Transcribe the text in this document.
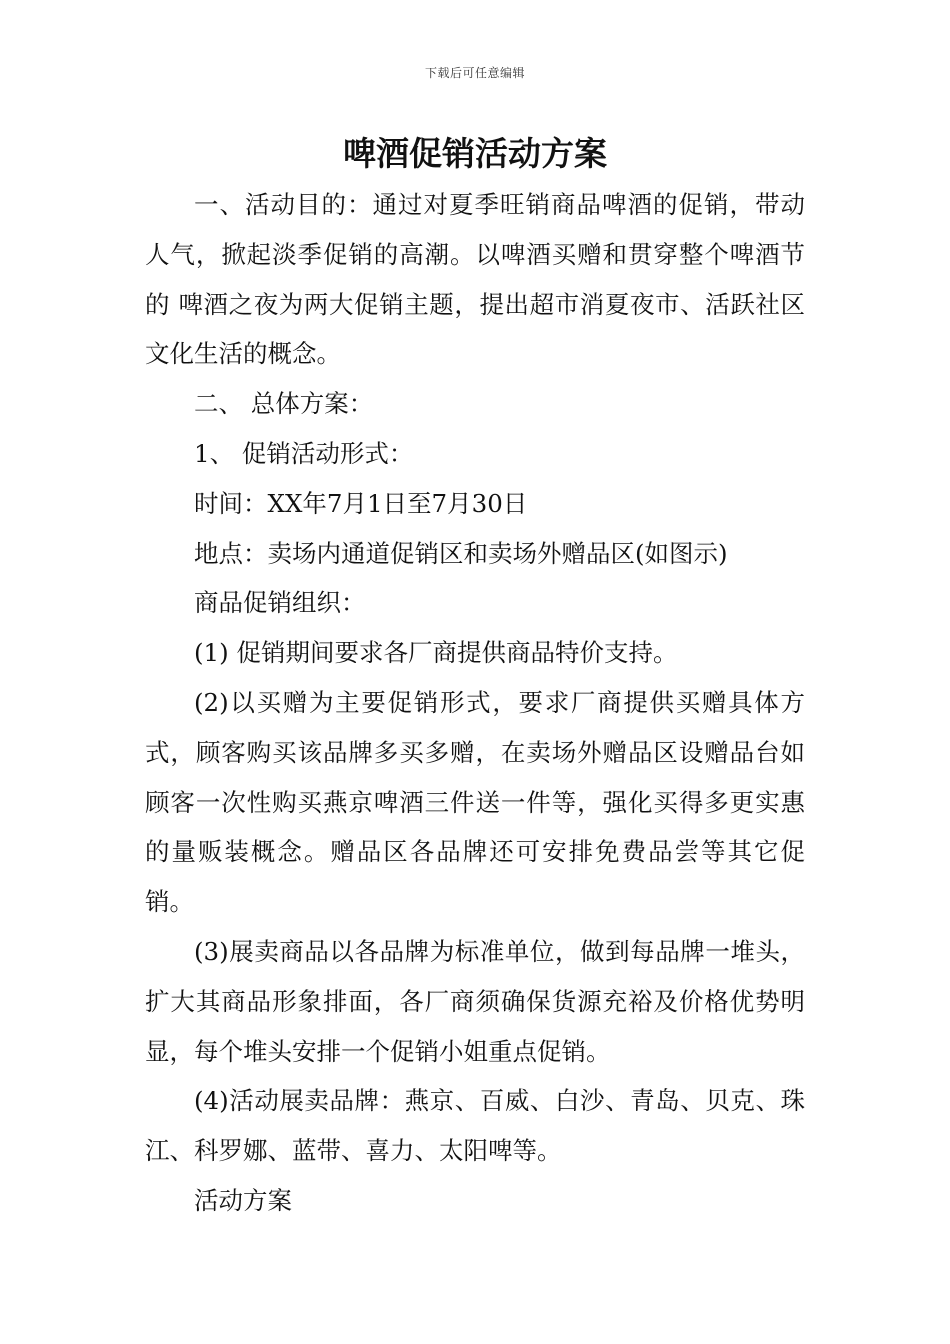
下载后可任意编辑
啤酒促销活动方案

一、活动目的：通过对夏季旺销商品啤酒的促销，带动人气，掀起淡季促销的高潮。以啤酒买赠和贯穿整个啤酒节的 啤酒之夜为两大促销主题，提出超市消夏夜市、活跃社区文化生活的概念。

二、 总体方案：

1、 促销活动形式：

时间：XX年7月1日至7月30日

地点：卖场内通道促销区和卖场外赠品区(如图示)

商品促销组织：

(1) 促销期间要求各厂商提供商品特价支持。

(2)以买赠为主要促销形式，要求厂商提供买赠具体方式，顾客购买该品牌多买多赠，在卖场外赠品区设赠品台如顾客一次性购买燕京啤酒三件送一件等，强化买得多更实惠的量贩装概念。赠品区各品牌还可安排免费品尝等其它促销。

(3)展卖商品以各品牌为标准单位，做到每品牌一堆头，扩大其商品形象排面，各厂商须确保货源充裕及价格优势明显，每个堆头安排一个促销小姐重点促销。

(4)活动展卖品牌：燕京、百威、白沙、青岛、贝克、珠江、科罗娜、蓝带、喜力、太阳啤等。

活动方案
